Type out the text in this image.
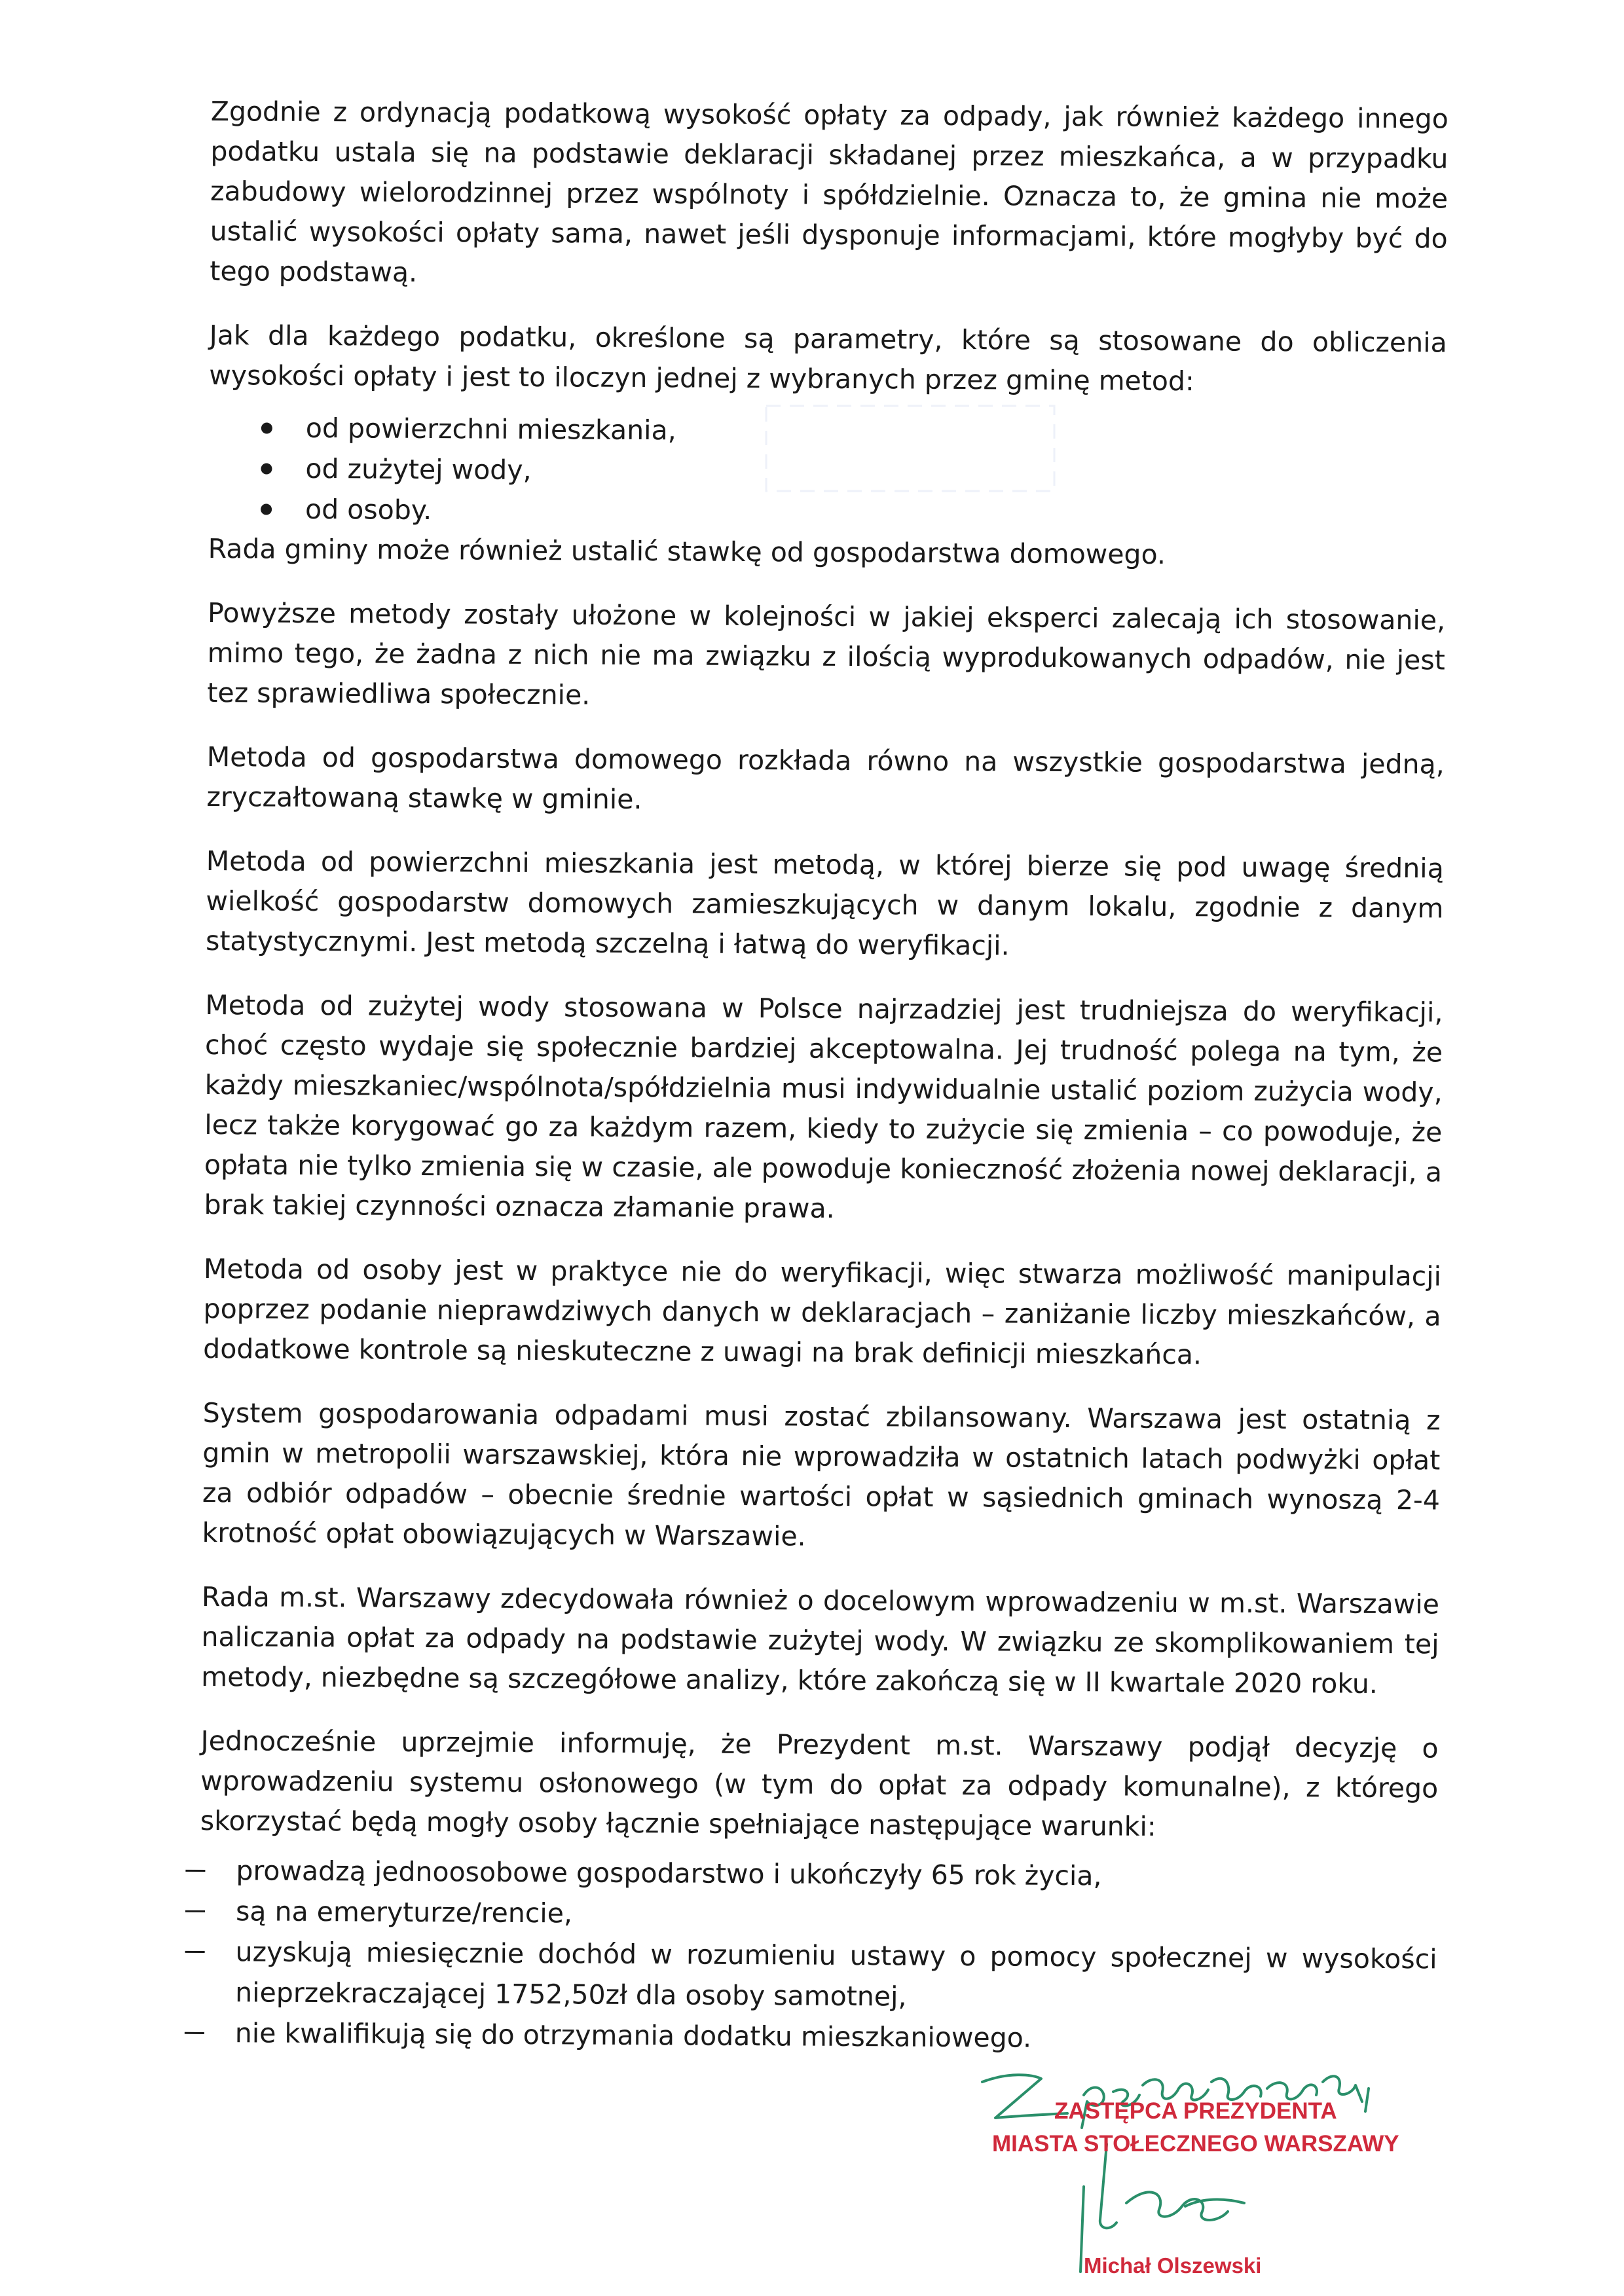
Zgodnie z ordynacją podatkową wysokość opłaty za odpady, jak również każdego innego podatku ustala się na podstawie deklaracji składanej przez mieszkańca, a w przypadku zabudowy wielorodzinnej przez wspólnoty i spółdzielnie. Oznacza to, że gmina nie może ustalić wysokości opłaty sama, nawet jeśli dysponuje informacjami, które mogłyby być do tego podstawą.

Jak dla każdego podatku, określone są parametry, które są stosowane do obliczenia wysokości opłaty i jest to iloczyn jednej z wybranych przez gminę metod:

od powierzchni mieszkania,
od zużytej wody,
od osoby.

Rada gminy może również ustalić stawkę od gospodarstwa domowego.

Powyższe metody zostały ułożone w kolejności w jakiej eksperci zalecają ich stosowanie, mimo tego, że żadna z nich nie ma związku z ilością wyprodukowanych odpadów, nie jest tez sprawiedliwa społecznie.

Metoda od gospodarstwa domowego rozkłada równo na wszystkie gospodarstwa jedną, zryczałtowaną stawkę w gminie.

Metoda od powierzchni mieszkania jest metodą, w której bierze się pod uwagę średnią wielkość gospodarstw domowych zamieszkujących w danym lokalu, zgodnie z danym statystycznymi. Jest metodą szczelną i łatwą do weryfikacji.

Metoda od zużytej wody stosowana w Polsce najrzadziej jest trudniejsza do weryfikacji, choć często wydaje się społecznie bardziej akceptowalna. Jej trudność polega na tym, że każdy mieszkaniec/wspólnota/spółdzielnia musi indywidualnie ustalić poziom zużycia wody, lecz także korygować go za każdym razem, kiedy to zużycie się zmienia – co powoduje, że opłata nie tylko zmienia się w czasie, ale powoduje konieczność złożenia nowej deklaracji, a brak takiej czynności oznacza złamanie prawa.

Metoda od osoby jest w praktyce nie do weryfikacji, więc stwarza możliwość manipulacji poprzez podanie nieprawdziwych danych w deklaracjach – zaniżanie liczby mieszkańców, a dodatkowe kontrole są nieskuteczne z uwagi na brak definicji mieszkańca.

System gospodarowania odpadami musi zostać zbilansowany. Warszawa jest ostatnią z gmin w metropolii warszawskiej, która nie wprowadziła w ostatnich latach podwyżki opłat za odbiór odpadów – obecnie średnie wartości opłat w sąsiednich gminach wynoszą 2-4 krotność opłat obowiązujących w Warszawie.

Rada m.st. Warszawy zdecydowała również o docelowym wprowadzeniu w m.st. Warszawie naliczania opłat za odpady na podstawie zużytej wody. W związku ze skomplikowaniem tej metody, niezbędne są szczegółowe analizy, które zakończą się w II kwartale 2020 roku.

Jednocześnie uprzejmie informuję, że Prezydent m.st. Warszawy podjął decyzję o wprowadzeniu systemu osłonowego (w tym do opłat za odpady komunalne), z którego skorzystać będą mogły osoby łącznie spełniające następujące warunki:

prowadzą jednoosobowe gospodarstwo i ukończyły 65 rok życia,
są na emeryturze/rencie,
uzyskują miesięcznie dochód w rozumieniu ustawy o pomocy społecznej w wysokości nieprzekraczającej 1752,50zł dla osoby samotnej,
nie kwalifikują się do otrzymania dodatku mieszkaniowego.
ZASTĘPCA PREZYDENTA
MIASTA STOŁECZNEGO WARSZAWY
Michał Olszewski
